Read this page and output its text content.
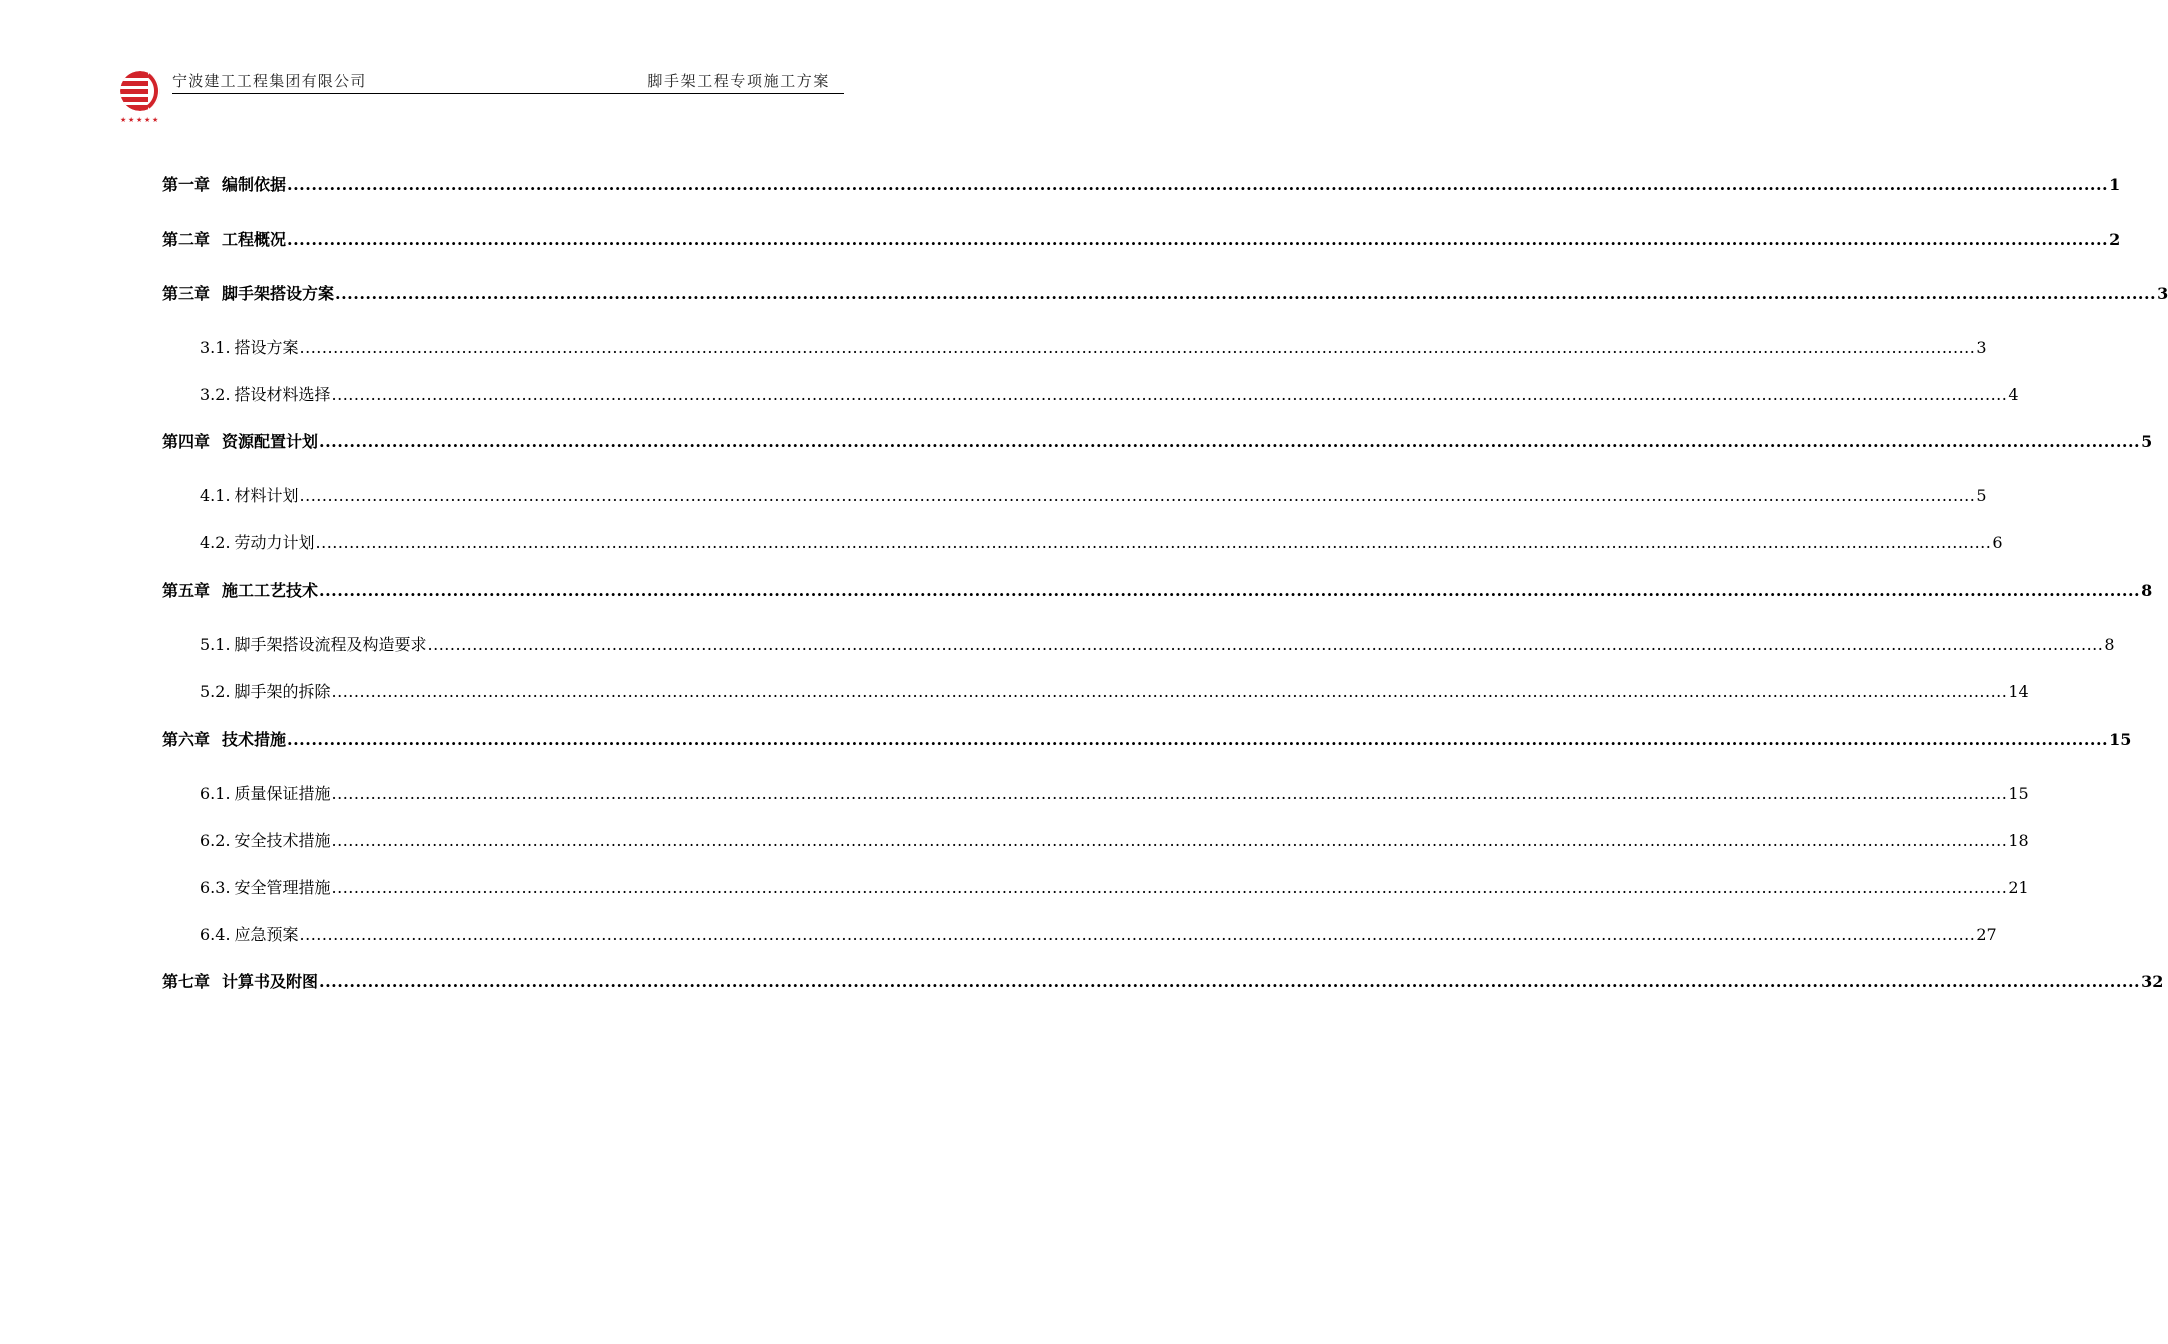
★ ★ ★ ★ ★
宁波建工工程集团有限公司	脚手架工程专项施工方案
第一章 编制依据 ............................................................................................................................................................................................................................................................................................................ 1
第二章 工程概况 ............................................................................................................................................................................................................................................................................................................ 2
第三章 脚手架搭设方案 ............................................................................................................................................................................................................................................................................................................ 3
3.1. 搭设方案 ............................................................................................................................................................................................................................................................................................................ 3
3.2. 搭设材料选择 ............................................................................................................................................................................................................................................................................................................ 4
第四章 资源配置计划 ............................................................................................................................................................................................................................................................................................................ 5
4.1. 材料计划 ............................................................................................................................................................................................................................................................................................................ 5
4.2. 劳动力计划 ............................................................................................................................................................................................................................................................................................................ 6
第五章 施工工艺技术 ............................................................................................................................................................................................................................................................................................................ 8
5.1. 脚手架搭设流程及构造要求 ............................................................................................................................................................................................................................................................................................................ 8
5.2. 脚手架的拆除 ............................................................................................................................................................................................................................................................................................................ 14
第六章 技术措施 ............................................................................................................................................................................................................................................................................................................ 15
6.1. 质量保证措施 ............................................................................................................................................................................................................................................................................................................ 15
6.2. 安全技术措施 ............................................................................................................................................................................................................................................................................................................ 18
6.3. 安全管理措施 ............................................................................................................................................................................................................................................................................................................ 21
6.4. 应急预案 ............................................................................................................................................................................................................................................................................................................ 27
第七章 计算书及附图 ............................................................................................................................................................................................................................................................................................................ 32
